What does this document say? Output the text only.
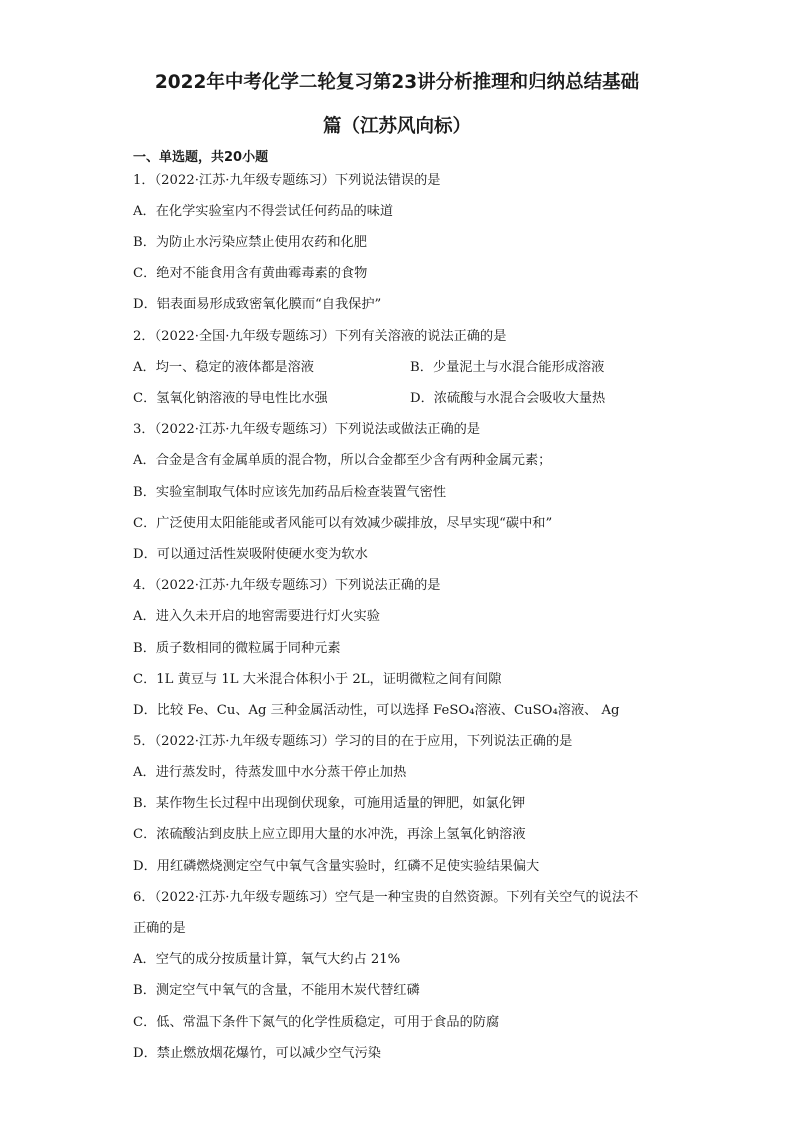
2022年中考化学二轮复习第23讲分析推理和归纳总结基础
篇（江苏风向标）
一、单选题，共20小题
1．（2022·江苏·九年级专题练习）下列说法错误的是
A．在化学实验室内不得尝试任何药品的味道
B．为防止水污染应禁止使用农药和化肥
C．绝对不能食用含有黄曲霉毒素的食物
D．铝表面易形成致密氧化膜而“自我保护”
2．（2022·全国·九年级专题练习）下列有关溶液的说法正确的是
A．均一、稳定的液体都是溶液	B．少量泥土与水混合能形成溶液
C．氢氧化钠溶液的导电性比水强	D．浓硫酸与水混合会吸收大量热
3．（2022·江苏·九年级专题练习）下列说法或做法正确的是
A．合金是含有金属单质的混合物，所以合金都至少含有两种金属元素；
B．实验室制取气体时应该先加药品后检查装置气密性
C．广泛使用太阳能能或者风能可以有效减少碳排放，尽早实现“碳中和”
D．可以通过活性炭吸附使硬水变为软水
4．（2022·江苏·九年级专题练习）下列说法正确的是
A．进入久未开启的地窖需要进行灯火实验
B．质子数相同的微粒属于同种元素
C．1L 黄豆与 1L 大米混合体积小于 2L，证明微粒之间有间隙
D．比较 Fe、Cu、Ag 三种金属活动性，可以选择 FeSO₄溶液、CuSO₄溶液、 Ag
5．（2022·江苏·九年级专题练习）学习的目的在于应用，下列说法正确的是
A．进行蒸发时，待蒸发皿中水分蒸干停止加热
B．某作物生长过程中出现倒伏现象，可施用适量的钾肥，如氯化钾
C．浓硫酸沾到皮肤上应立即用大量的水冲洗，再涂上氢氧化钠溶液
D．用红磷燃烧测定空气中氧气含量实验时，红磷不足使实验结果偏大
6．（2022·江苏·九年级专题练习）空气是一种宝贵的自然资源。下列有关空气的说法不
正确的是
A．空气的成分按质量计算，氧气大约占 21%
B．测定空气中氧气的含量，不能用木炭代替红磷
C．低、常温下条件下氮气的化学性质稳定，可用于食品的防腐
D．禁止燃放烟花爆竹，可以减少空气污染
